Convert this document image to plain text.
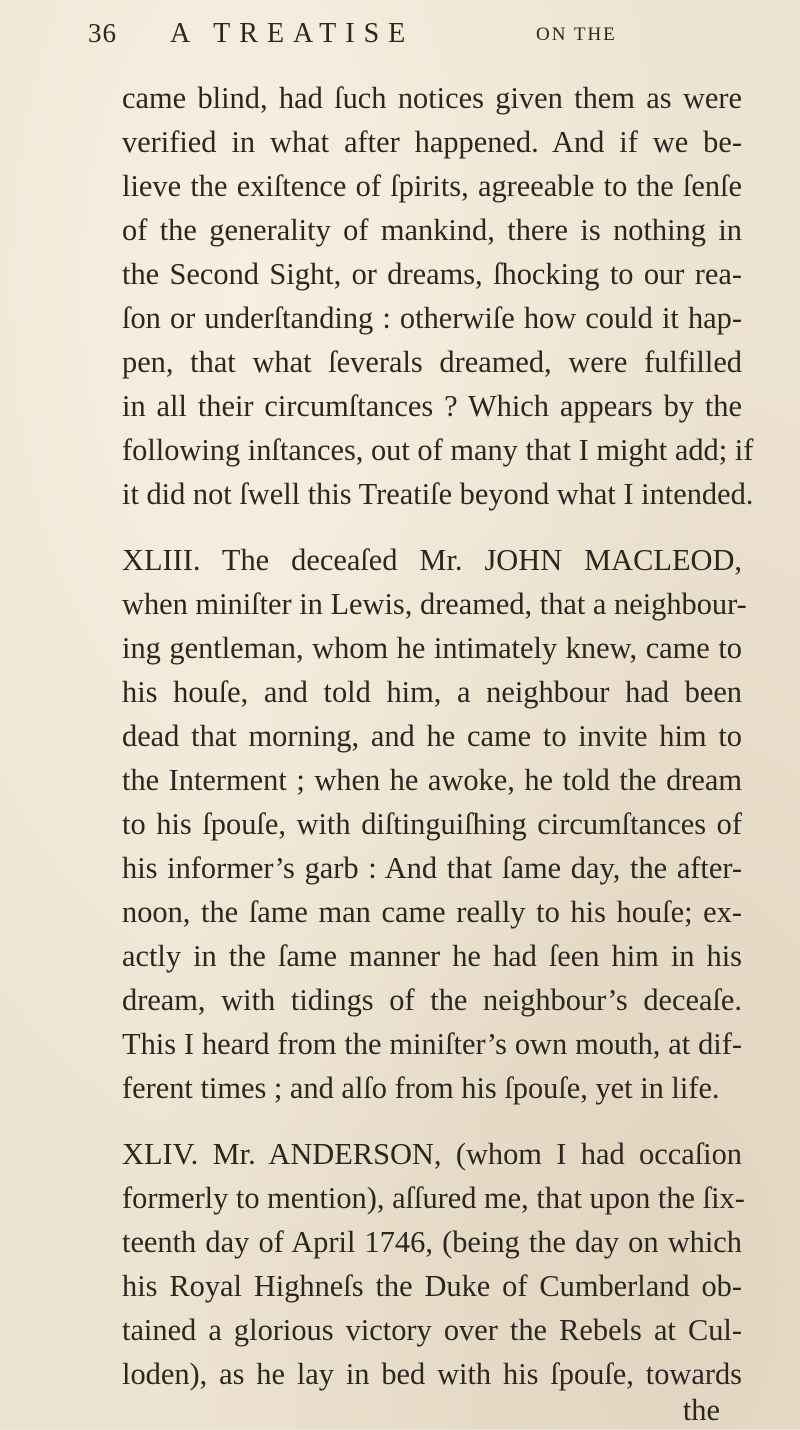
36 A TREATISE	ON THE
came blind, had ſuch notices given them as were
verified in what after happened. And if we be-
lieve the exiſtence of ſpirits, agreeable to the ſenſe
of the generality of mankind, there is nothing in
the Second Sight, or dreams, ſhocking to our rea-
ſon or underſtanding : otherwiſe how could it hap-
pen, that what ſeverals dreamed, were fulfilled
in all their circumſtances ? Which appears by the
following inſtances, out of many that I might add; if
it did not ſwell this Treatiſe beyond what I intended.
XLIII. The deceaſed Mr. JOHN MACLEOD,
when miniſter in Lewis, dreamed, that a neighbour-
ing gentleman, whom he intimately knew, came to
his houſe, and told him, a neighbour had been
dead that morning, and he came to invite him to
the Interment ; when he awoke, he told the dream
to his ſpouſe, with diſtinguiſhing circumſtances of
his informer’s garb : And that ſame day, the after-
noon, the ſame man came really to his houſe; ex-
actly in the ſame manner he had ſeen him in his
dream, with tidings of the neighbour’s deceaſe.
This I heard from the miniſter’s own mouth, at dif-
ferent times ; and alſo from his ſpouſe, yet in life.
XLIV. Mr. ANDERSON, (whom I had occaſion
formerly to mention), aſſured me, that upon the ſix-
teenth day of April 1746, (being the day on which
his Royal Highneſs the Duke of Cumberland ob-
tained a glorious victory over the Rebels at Cul-
loden), as he lay in bed with his ſpouſe, towards
the
